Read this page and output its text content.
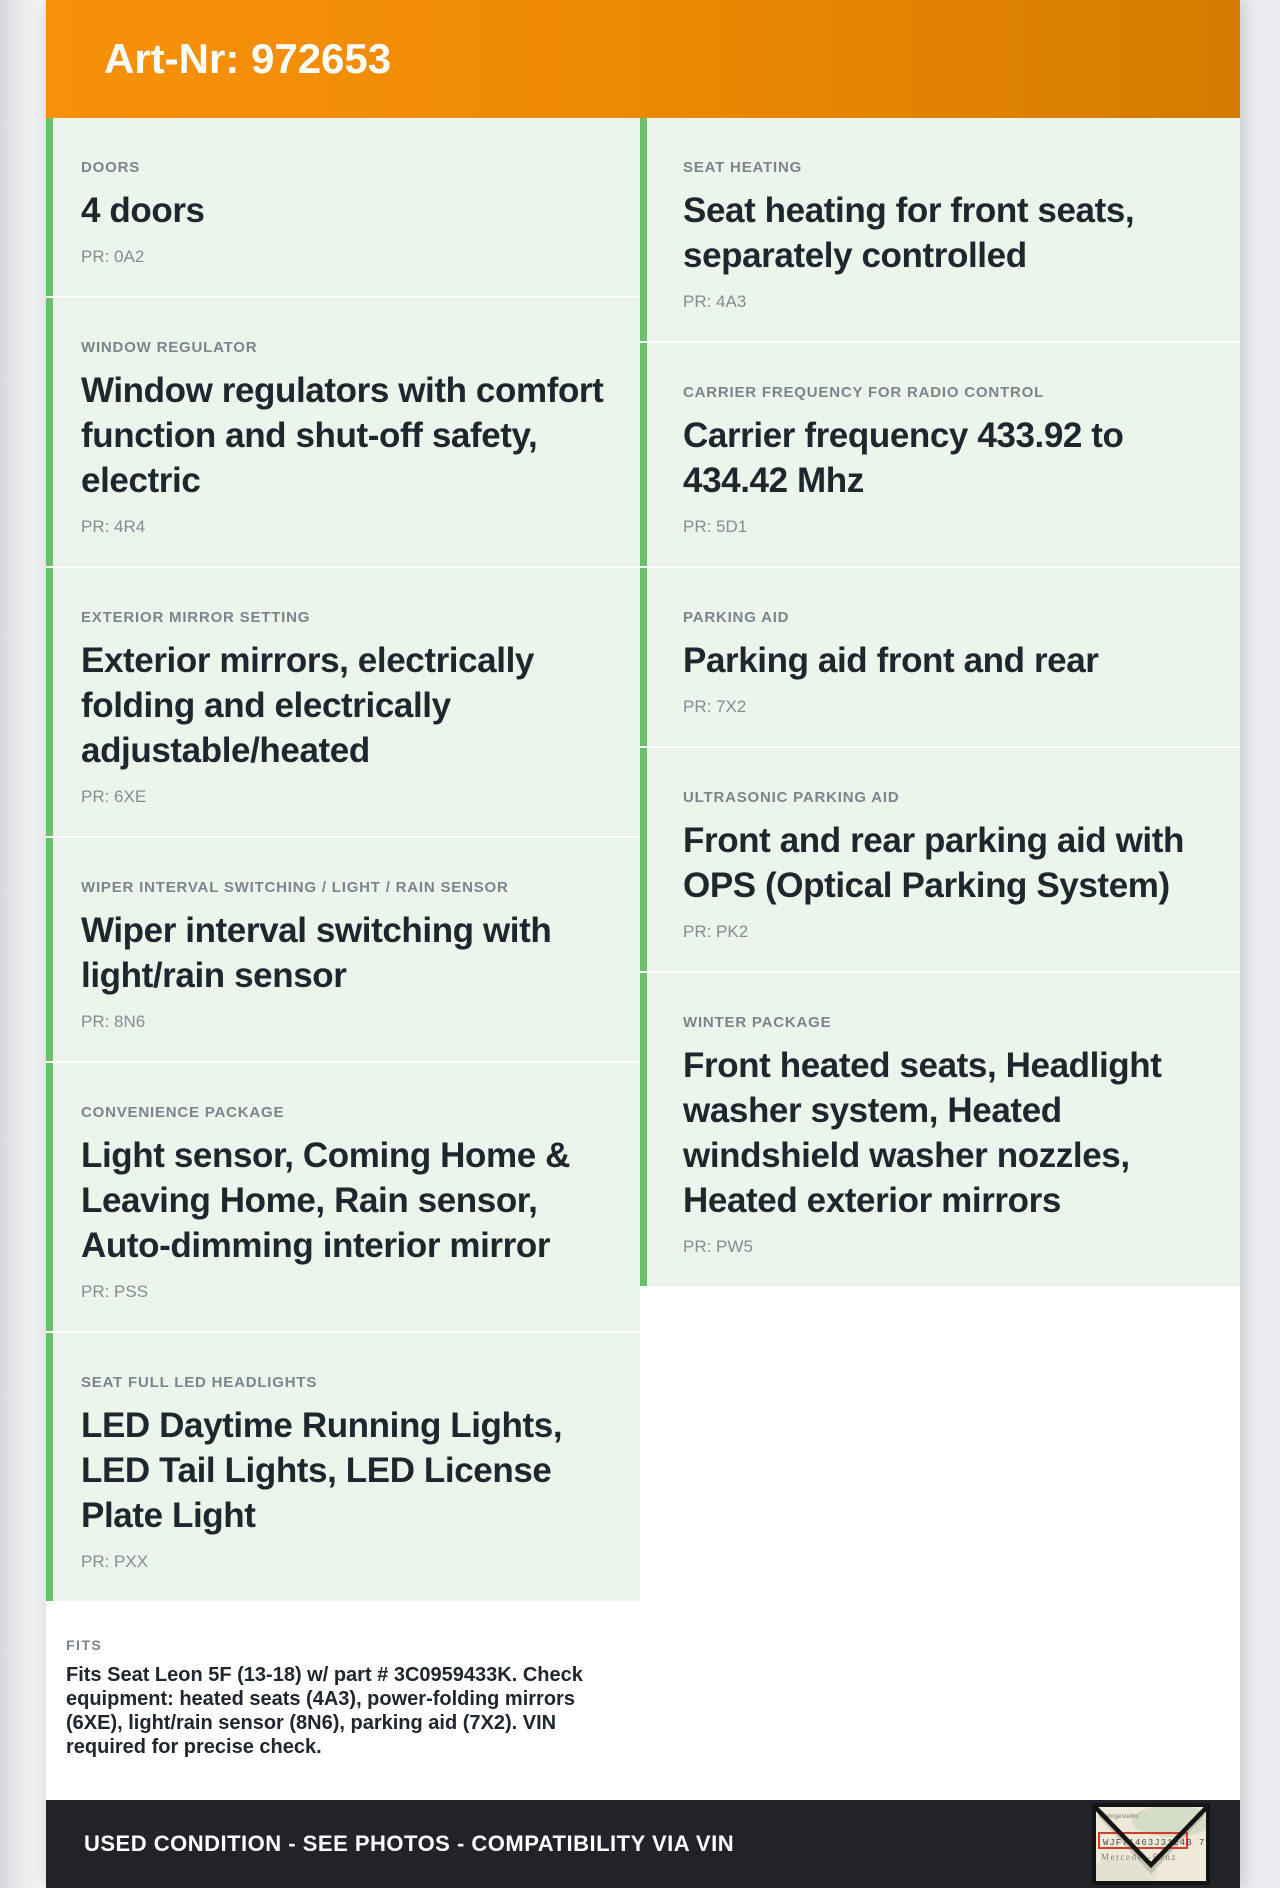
Art-Nr: 972653

DOORS

4 doors

PR: 0A2

WINDOW REGULATOR

Window regulators with comfort function and shut-off safety, electric

PR: 4R4

EXTERIOR MIRROR SETTING

Exterior mirrors, electrically folding and electrically adjustable/heated

PR: 6XE

WIPER INTERVAL SWITCHING / LIGHT / RAIN SENSOR

Wiper interval switching with light/rain sensor

PR: 8N6

CONVENIENCE PACKAGE

Light sensor, Coming Home & Leaving Home, Rain sensor, Auto-dimming interior mirror

PR: PSS

SEAT FULL LED HEADLIGHTS

LED Daytime Running Lights, LED Tail Lights, LED License Plate Light

PR: PXX

FITS

Fits Seat Leon 5F (13-18) w/ part # 3C0959433K. Check equipment: heated seats (4A3), power-folding mirrors (6XE), light/rain sensor (8N6), parking aid (7X2). VIN required for precise check.

SEAT HEATING

Seat heating for front seats, separately controlled

PR: 4A3

CARRIER FREQUENCY FOR RADIO CONTROL

Carrier frequency 433.92 to 434.42 Mhz

PR: 5D1

PARKING AID

Parking aid front and rear

PR: 7X2

ULTRASONIC PARKING AID

Front and rear parking aid with OPS (Optical Parking System)

PR: PK2

WINTER PACKAGE

Front heated seats, Headlight washer system, Heated windshield washer nozzles, Heated exterior mirrors

PR: PW5

USED CONDITION - SEE PHOTOS - COMPATIBILITY VIA VIN
Fahrgestellnr.
WJF71463J3124B 7
Mercedes-Benz
